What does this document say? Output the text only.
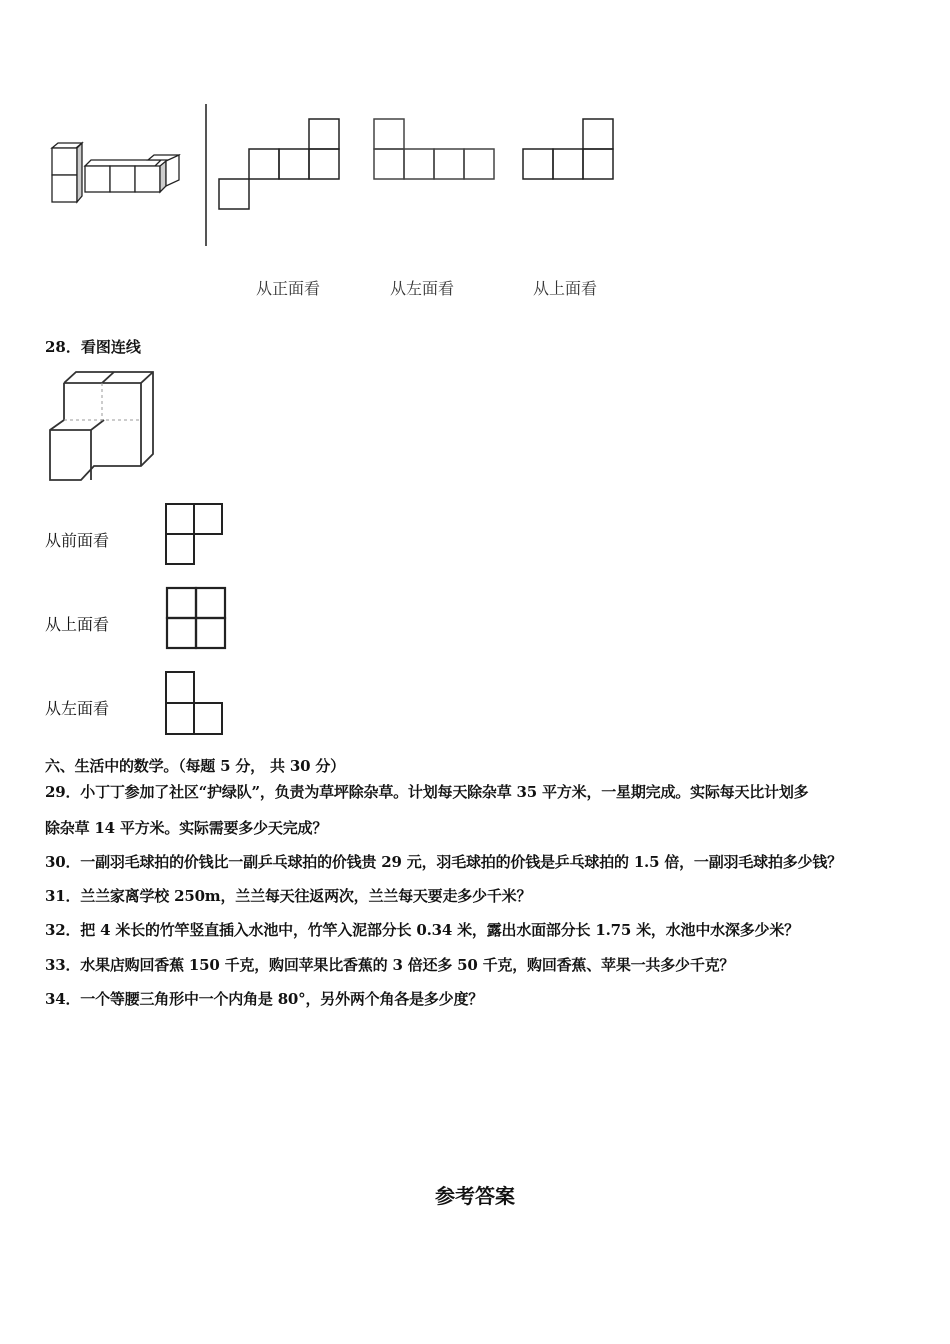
从正面看	从左面看	从上面看
28．看图连线
从前面看
从上面看
从左面看
六、生活中的数学。（每题 5 分， 共 30 分）
29．小丁丁参加了社区“护绿队”，负责为草坪除杂草。计划每天除杂草 35 平方米，一星期完成。实际每天比计划多
除杂草 14 平方米。实际需要多少天完成？
30．一副羽毛球拍的价钱比一副乒乓球拍的价钱贵 29 元，羽毛球拍的价钱是乒乓球拍的 1.5 倍，一副羽毛球拍多少钱？
31．兰兰家离学校 250m，兰兰每天往返两次，兰兰每天要走多少千米？
32．把 4 米长的竹竿竖直插入水池中，竹竿入泥部分长 0.34 米，露出水面部分长 1.75 米，水池中水深多少米？
33．水果店购回香蕉 150 千克，购回苹果比香蕉的 3 倍还多 50 千克，购回香蕉、苹果一共多少千克？
34．一个等腰三角形中一个内角是 80°，另外两个角各是多少度？
参考答案
